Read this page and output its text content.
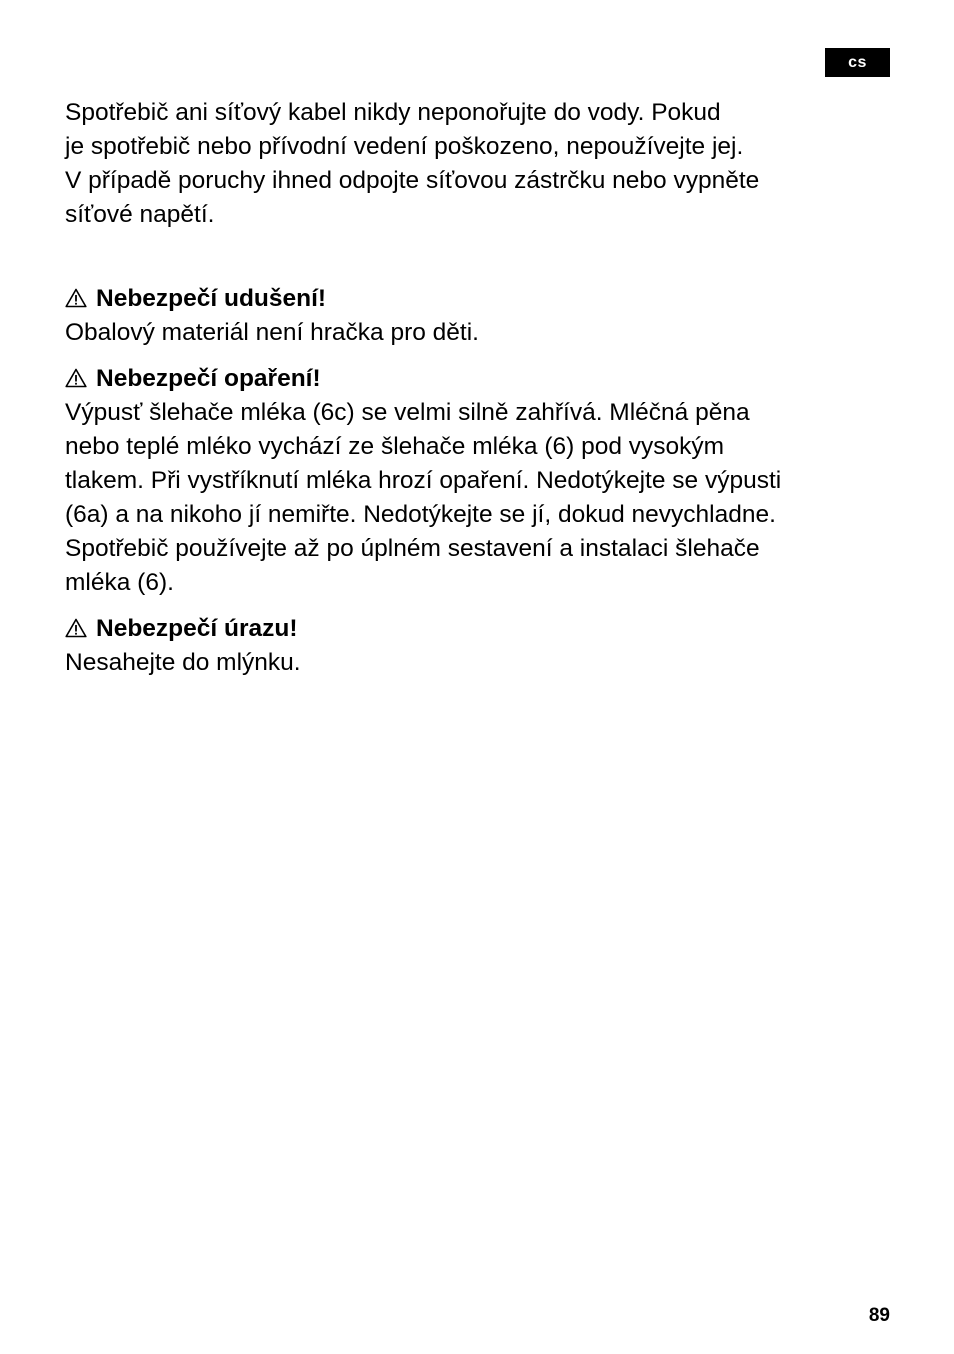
cs

Spotřebič ani síťový kabel nikdy neponořujte do vody. Pokud
je spotřebič nebo přívodní vedení poškozeno, nepoužívejte jej.
V případě poruchy ihned odpojte síťovou zástrčku nebo vypněte
síťové napětí.

Nebezpečí udušení!
Obalový materiál není hračka pro děti.
Nebezpečí opaření!
Výpusť šlehače mléka (6c) se velmi silně zahřívá. Mléčná pěna
nebo teplé mléko vychází ze šlehače mléka (6) pod vysokým
tlakem. Při vystříknutí mléka hrozí opaření. Nedotýkejte se výpusti
(6a) a na nikoho jí nemiřte. Nedotýkejte se jí, dokud nevychladne.
Spotřebič používejte až po úplném sestavení a instalaci šlehače
mléka (6).
Nebezpečí úrazu!
Nesahejte do mlýnku.
89
